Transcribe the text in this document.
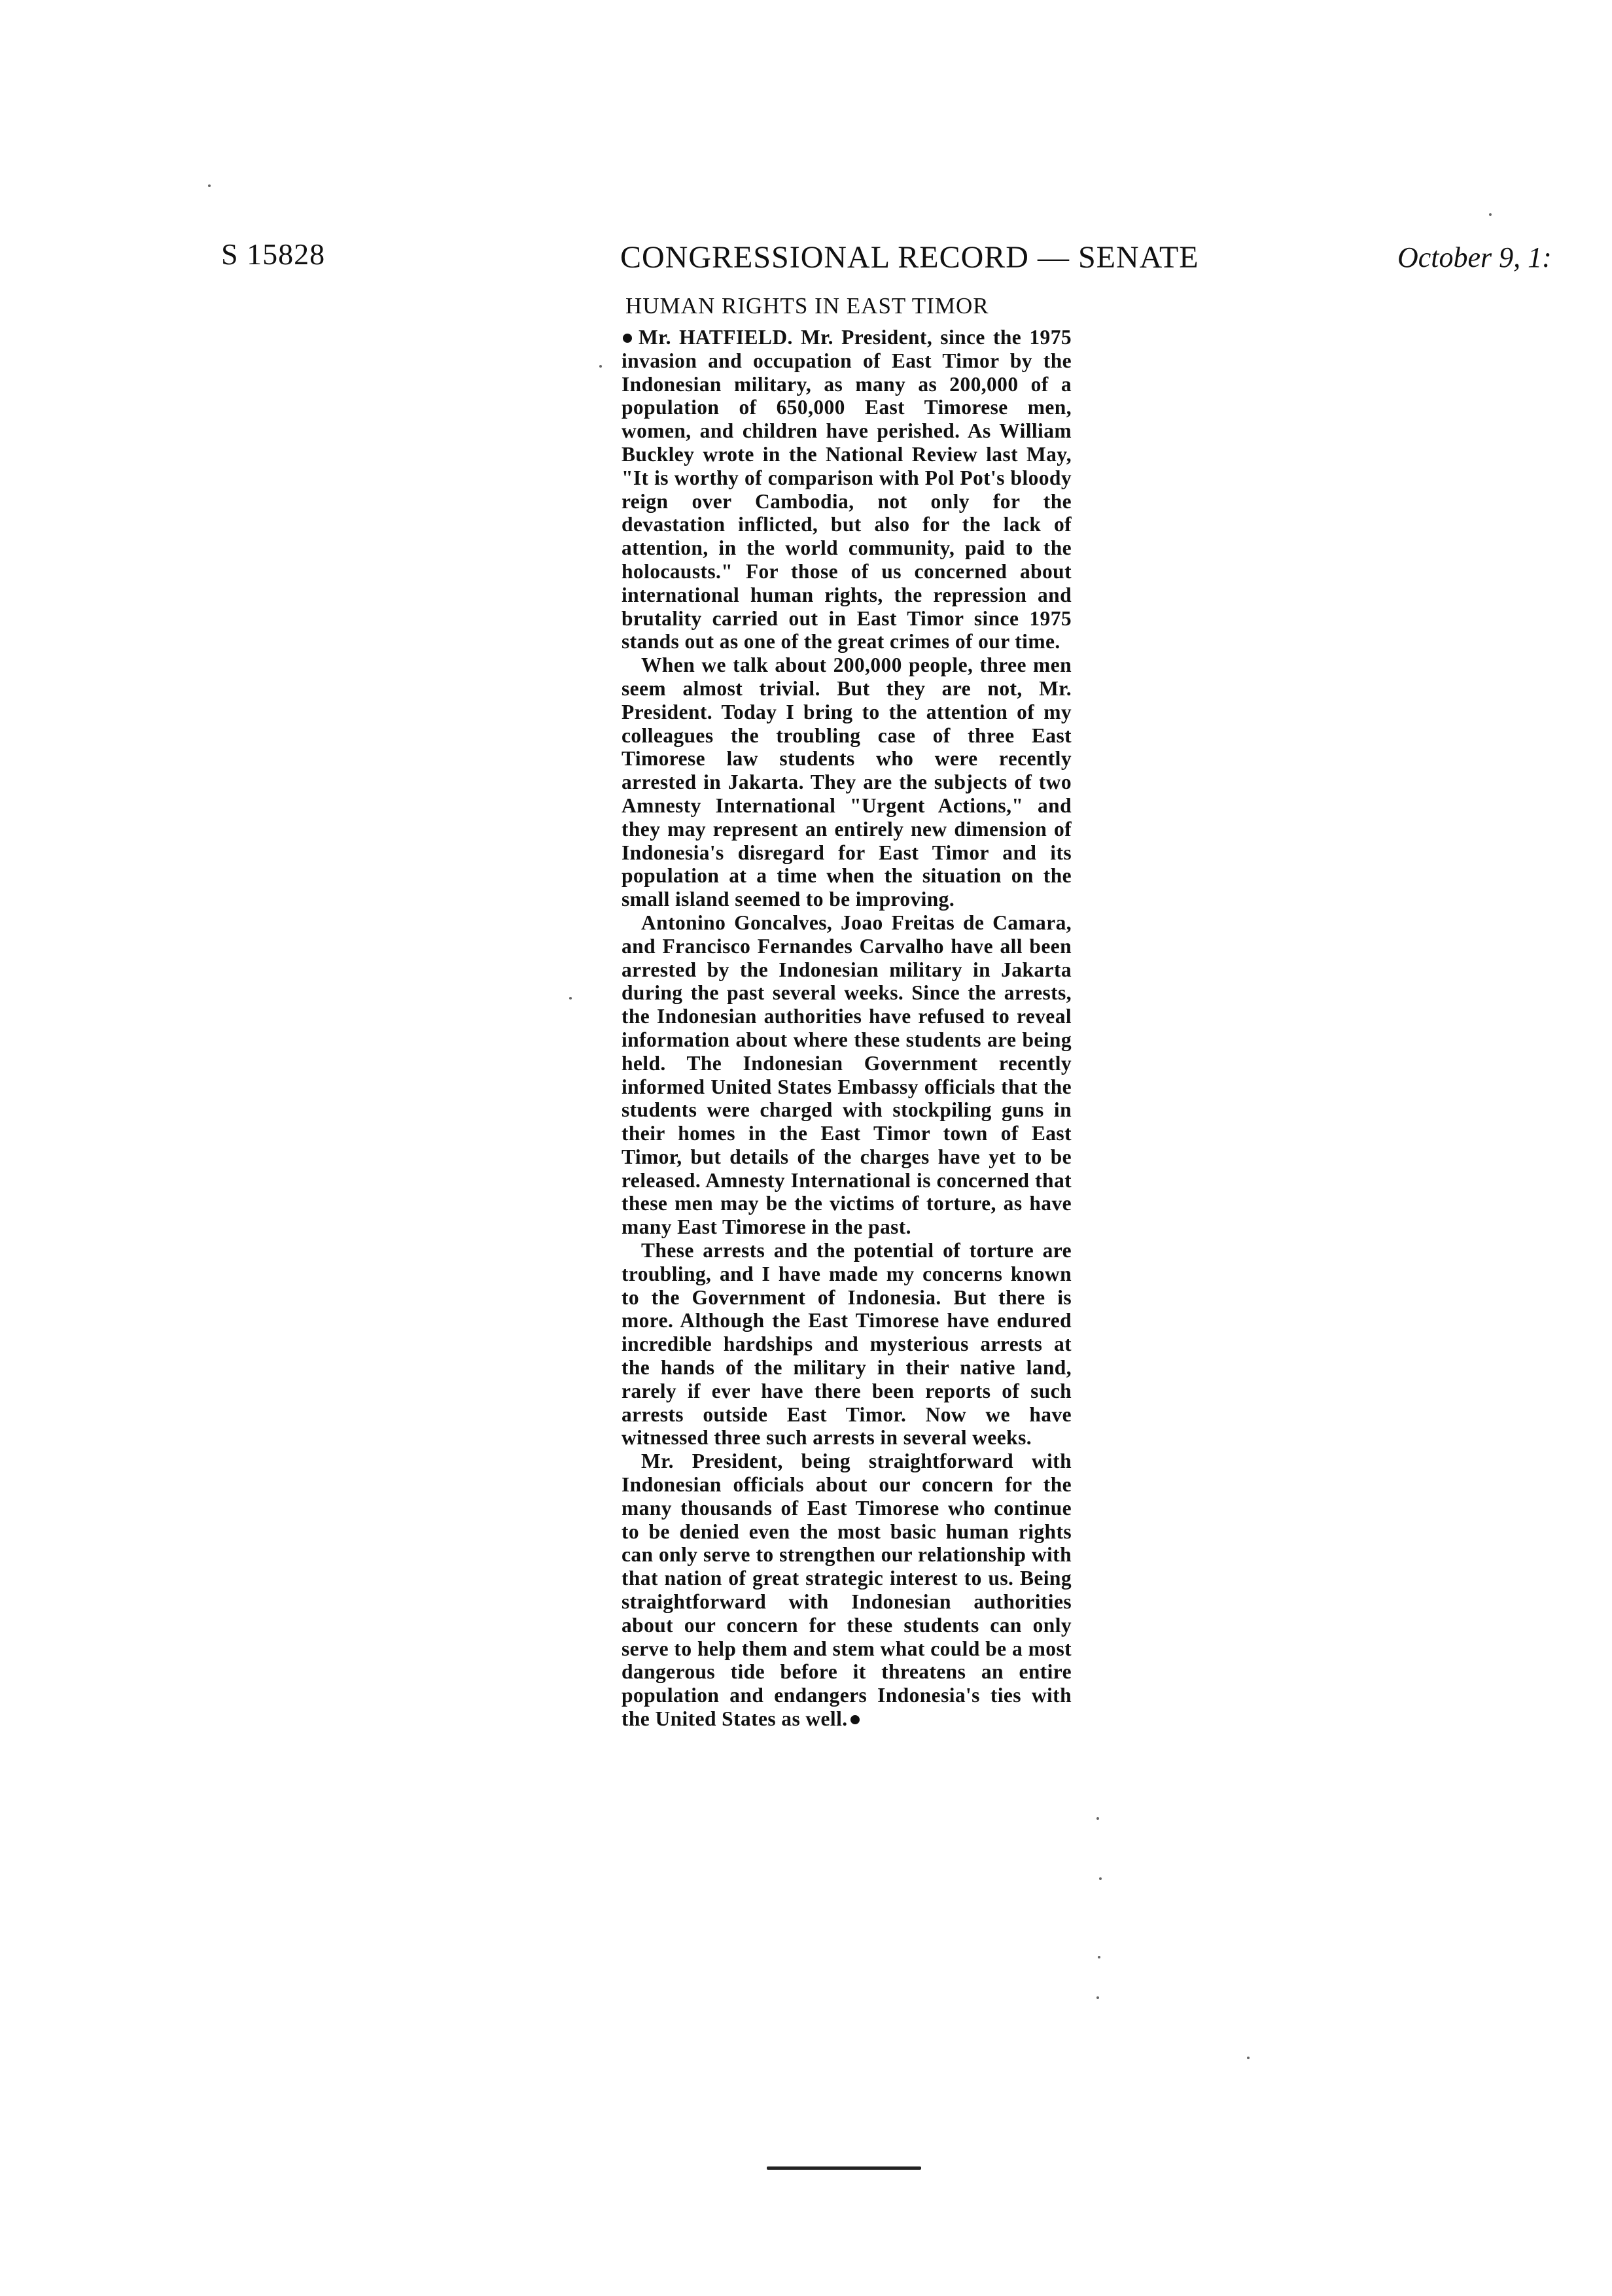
S 15828	CONGRESSIONAL RECORD — SENATE	October 9, 1:
HUMAN RIGHTS IN EAST TIMOR

Mr. HATFIELD. Mr. President, since the 1975 invasion and occupation of East Timor by the Indonesian military, as many as 200,000 of a population of 650,000 East Timorese men, women, and children have perished. As William Buckley wrote in the National Review last May, "It is worthy of comparison with Pol Pot's bloody reign over Cambodia, not only for the devastation inflicted, but also for the lack of attention, in the world community, paid to the holocausts." For those of us concerned about international human rights, the repression and brutality carried out in East Timor since 1975 stands out as one of the great crimes of our time.

When we talk about 200,000 people, three men seem almost trivial. But they are not, Mr. President. Today I bring to the attention of my colleagues the troubling case of three East Timorese law students who were recently arrested in Jakarta. They are the subjects of two Amnesty International "Urgent Actions," and they may represent an entirely new dimension of Indonesia's disregard for East Timor and its population at a time when the situation on the small island seemed to be improving.

Antonino Goncalves, Joao Freitas de Camara, and Francisco Fernandes Carvalho have all been arrested by the Indonesian military in Jakarta during the past several weeks. Since the arrests, the Indonesian authorities have refused to reveal information about where these students are being held. The Indonesian Government recently informed United States Embassy officials that the students were charged with stockpiling guns in their homes in the East Timor town of East Timor, but details of the charges have yet to be released. Amnesty International is concerned that these men may be the victims of torture, as have many East Timorese in the past.

These arrests and the potential of torture are troubling, and I have made my concerns known to the Government of Indonesia. But there is more. Although the East Timorese have endured incredible hardships and mysterious arrests at the hands of the military in their native land, rarely if ever have there been reports of such arrests outside East Timor. Now we have witnessed three such arrests in several weeks.

Mr. President, being straightforward with Indonesian officials about our concern for the many thousands of East Timorese who continue to be denied even the most basic human rights can only serve to strengthen our relationship with that nation of great strategic interest to us. Being straightforward with Indonesian authorities about our concern for these students can only serve to help them and stem what could be a most dangerous tide before it threatens an entire population and endangers Indonesia's ties with the United States as well.
